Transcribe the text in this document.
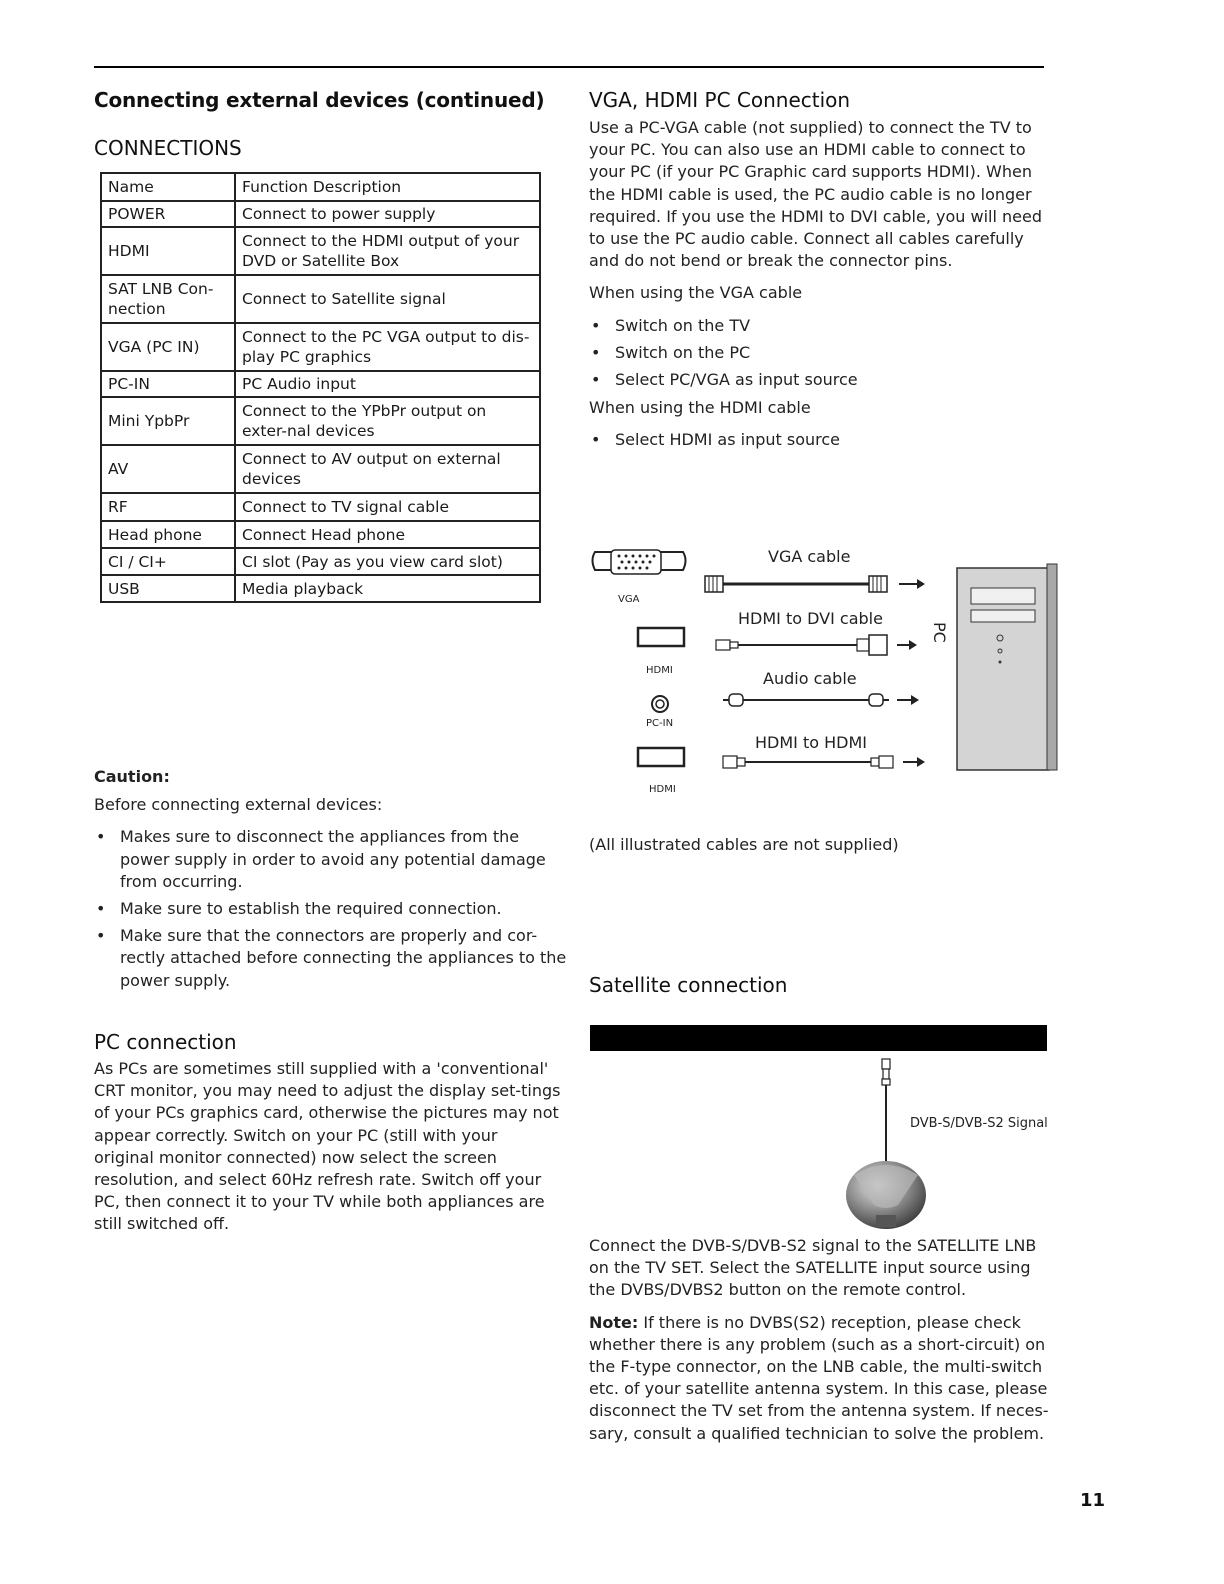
Connecting external devices (continued)
CONNECTIONS
Name	Function Description
POWER	Connect to power supply
HDMI	Connect to the HDMI output of your DVD or Satellite Box
SAT LNB Con-nection	Connect to Satellite signal
VGA (PC IN)	Connect to the PC VGA output to dis-play PC graphics
PC-IN	PC Audio input
Mini YpbPr	Connect to the YPbPr output on exter-nal devices
AV	Connect to AV output on external devices
RF	Connect to TV signal cable
Head phone	Connect Head phone
CI / CI+	CI slot (Pay as you view card slot)
USB	Media playback
Caution:

Before connecting external devices:

• Makes sure to disconnect the appliances from the power supply in order to avoid any potential damage from occurring.
• Make sure to establish the required connection.
• Make sure that the connectors are properly and cor-rectly attached before connecting the appliances to the power supply.
PC connection

As PCs are sometimes still supplied with a 'conventional' CRT monitor, you may need to adjust the display set-tings of your PCs graphics card, otherwise the pictures may not appear correctly. Switch on your PC (still with your original monitor connected) now select the screen resolution, and select 60Hz refresh rate. Switch off your PC, then connect it to your TV while both appliances are still switched off.

VGA, HDMI PC Connection

Use a PC-VGA cable (not supplied) to connect the TV to your PC. You can also use an HDMI cable to connect to your PC (if your PC Graphic card supports HDMI). When the HDMI cable is used, the PC audio cable is no longer required. If you use the HDMI to DVI cable, you will need to use the PC audio cable. Connect all cables carefully and do not bend or break the connector pins.

When using the VGA cable

• Switch on the TV
• Switch on the PC
• Select PC/VGA as input source

When using the HDMI cable

• Select HDMI as input source
VGA
HDMI
PC-IN
HDMI
VGA cable
HDMI to DVI cable
Audio cable
HDMI to HDMI
PC

(All illustrated cables are not supplied)

Satellite connection
DVB-S/DVB-S2 Signal

Connect the DVB-S/DVB-S2 signal to the SATELLITE LNB on the TV SET. Select the SATELLITE input source using the DVBS/DVBS2 button on the remote control.

Note: If there is no DVBS(S2) reception, please check whether there is any problem (such as a short-circuit) on the F-type connector, on the LNB cable, the multi-switch etc. of your satellite antenna system. In this case, please disconnect the TV set from the antenna system. If neces-sary, consult a qualified technician to solve the problem.

11
